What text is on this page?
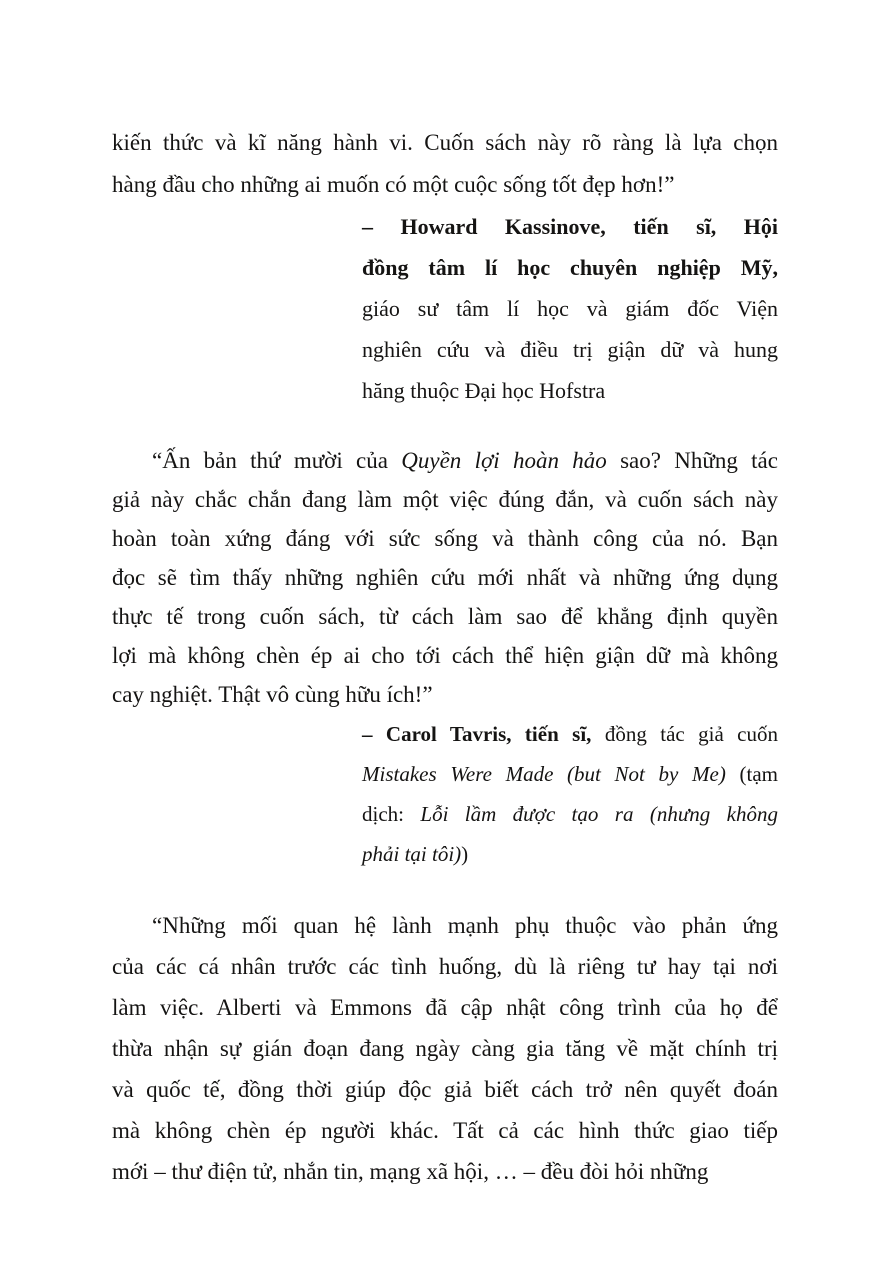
kiến thức và kĩ năng hành vi. Cuốn sách này rõ ràng là lựa chọn
hàng đầu cho những ai muốn có một cuộc sống tốt đẹp hơn!”
– Howard Kassinove, tiến sĩ, Hội
đồng tâm lí học chuyên nghiệp Mỹ,
giáo sư tâm lí học và giám đốc Viện
nghiên cứu và điều trị giận dữ và hung
hăng thuộc Đại học Hofstra
“Ấn bản thứ mười của Quyền lợi hoàn hảo sao? Những tác
giả này chắc chắn đang làm một việc đúng đắn, và cuốn sách này
hoàn toàn xứng đáng với sức sống và thành công của nó. Bạn
đọc sẽ tìm thấy những nghiên cứu mới nhất và những ứng dụng
thực tế trong cuốn sách, từ cách làm sao để khẳng định quyền
lợi mà không chèn ép ai cho tới cách thể hiện giận dữ mà không
cay nghiệt. Thật vô cùng hữu ích!”
– Carol Tavris, tiến sĩ, đồng tác giả cuốn
Mistakes Were Made (but Not by Me) (tạm
dịch: Lỗi lầm được tạo ra (nhưng không
phải tại tôi))
“Những mối quan hệ lành mạnh phụ thuộc vào phản ứng
của các cá nhân trước các tình huống, dù là riêng tư hay tại nơi
làm việc. Alberti và Emmons đã cập nhật công trình của họ để
thừa nhận sự gián đoạn đang ngày càng gia tăng về mặt chính trị
và quốc tế, đồng thời giúp độc giả biết cách trở nên quyết đoán
mà không chèn ép người khác. Tất cả các hình thức giao tiếp
mới – thư điện tử, nhắn tin, mạng xã hội, … – đều đòi hỏi những
